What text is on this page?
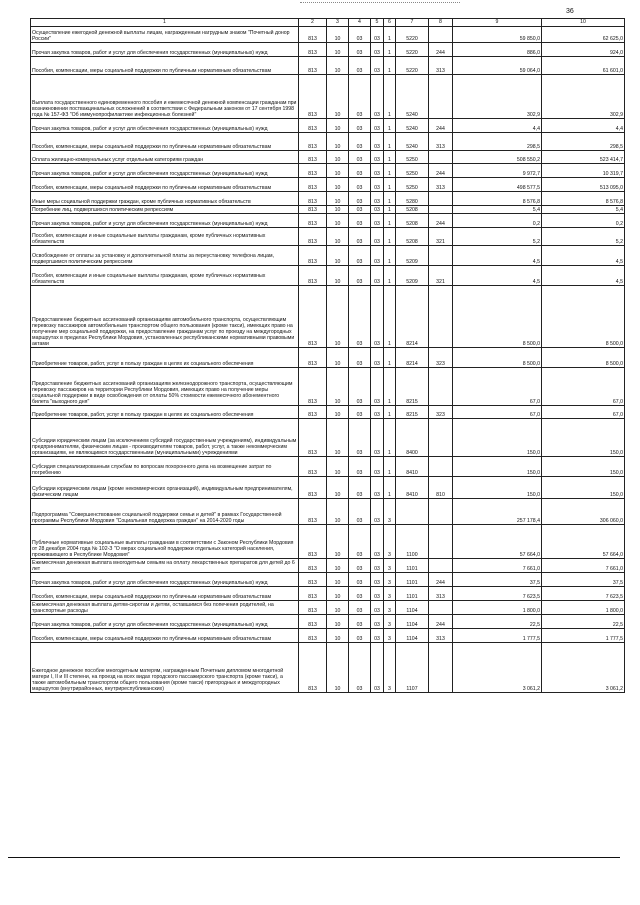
36
1	2	3	4	5	6	7	8	9	10
Осуществление ежегодной денежной выплаты лицам, награжденным нагрудным знаком "Почетный донор России"	813	10	03	03	1	5220		59 850,0	62 625,0
Прочая закупка товаров, работ и услуг для обеспечения государственных (муниципальных) нужд	813	10	03	03	1	5220	244	886,0	924,0
Пособия, компенсации, меры социальной поддержки по публичным нормативным обязательствам	813	10	03	03	1	5220	313	59 064,0	61 601,0
Выплата государственного единовременного пособия и ежемесячной денежной компенсации гражданам при возникновении поствакцинальных осложнений в соответствии с Федеральным законом от 17 сентября 1998 года № 157-ФЗ "Об иммунопрофилактике инфекционных болезней"	813	10	03	03	1	5240		302,9	302,9
Прочая закупка товаров, работ и услуг для обеспечения государственных (муниципальных) нужд	813	10	03	03	1	5240	244	4,4	4,4
Пособия, компенсации, меры социальной поддержки по публичным нормативным обязательствам	813	10	03	03	1	5240	313	298,5	298,5
Оплата жилищно-коммунальных услуг отдельным категориям граждан	813	10	03	03	1	5250		508 550,2	523 414,7
Прочая закупка товаров, работ и услуг для обеспечения государственных (муниципальных) нужд	813	10	03	03	1	5250	244	9 972,7	10 319,7
Пособия, компенсации, меры социальной поддержки по публичным нормативным обязательствам	813	10	03	03	1	5250	313	498 577,5	513 095,0
Иные меры социальной поддержки граждан, кроме публичных нормативных обязательств	813	10	03	03	1	5280		8 576,8	8 576,8
Погребение лиц, подвергшихся политическим репрессиям	813	10	03	03	1	5208		5,4	5,4
Прочая закупка товаров, работ и услуг для обеспечения государственных (муниципальных) нужд	813	10	03	03	1	5208	244	0,2	0,2
Пособия, компенсации и иные социальные выплаты гражданам, кроме публичных нормативных обязательств	813	10	03	03	1	5208	321	5,2	5,2
Освобождение от оплаты за установку и дополнительной платы за переустановку телефона лицам, подвергшимся политическим репрессиям	813	10	03	03	1	5209		4,5	4,5
Пособия, компенсации и иные социальные выплаты гражданам, кроме публичных нормативных обязательств	813	10	03	03	1	5209	321	4,5	4,5
Предоставление бюджетных ассигнований организациям автомобильного транспорта, осуществляющим перевозку пассажиров автомобильным транспортом общего пользования (кроме такси), имеющих право на получение мер социальной поддержки, на предоставление гражданам услуг по проезду на междугородных маршрутах в пределах Республики Мордовия, установленных республиканскими нормативными правовыми актами	813	10	03	03	1	8214		8 500,0	8 500,0
Приобретение товаров, работ, услуг в пользу граждан в целях их социального обеспечения	813	10	03	03	1	8214	323	8 500,0	8 500,0
Предоставление бюджетных ассигнований организациям железнодорожного транспорта, осуществляющим перевозку пассажиров на территории Республики Мордовия, имеющих право на получение меры социальной поддержки в виде освобождения от оплаты 50% стоимости ежемесячного абонементного билета "выходного дня"	813	10	03	03	1	8215		67,0	67,0
Приобретение товаров, работ, услуг в пользу граждан в целях их социального обеспечения	813	10	03	03	1	8215	323	67,0	67,0
Субсидии юридическим лицам (за исключением субсидий государственным учреждениям), индивидуальным предпринимателям, физическим лицам - производителям товаров, работ, услуг, а также некоммерческим организациям, не являющимся государственными (муниципальными) учреждениями	813	10	03	03	1	8400		150,0	150,0
Субсидия специализированным службам по вопросам похоронного дела на возмещение затрат по погребению	813	10	03	03	1	8410		150,0	150,0
Субсидии юридическим лицам (кроме некоммерческих организаций), индивидуальным предпринимателям, физическим лицам	813	10	03	03	1	8410	810	150,0	150,0
Подпрограмма "Совершенствование социальной поддержки семьи и детей" в рамках Государственной программы Республики Мордовия "Социальная поддержка граждан" на 2014-2020 годы	813	10	03	03	3			257 178,4	306 060,0
Публичные нормативные социальные выплаты гражданам в соответствии с Законом Республики Мордовия от 28 декабря 2004 года № 102-З "О мерах социальной поддержки отдельных категорий населения, проживающего в Республике Мордовия"	813	10	03	03	3	1100		57 664,0	57 664,0
Ежемесячная денежная выплата многодетным семьям на оплату лекарственных препаратов для детей до 6 лет	813	10	03	03	3	1101		7 661,0	7 661,0
Прочая закупка товаров, работ и услуг для обеспечения государственных (муниципальных) нужд	813	10	03	03	3	1101	244	37,5	37,5
Пособия, компенсации, меры социальной поддержки по публичным нормативным обязательствам	813	10	03	03	3	1101	313	7 623,5	7 623,5
Ежемесячная денежная выплата детям-сиротам и детям, оставшимся без попечения родителей, на транспортные расходы	813	10	03	03	3	1104		1 800,0	1 800,0
Прочая закупка товаров, работ и услуг для обеспечения государственных (муниципальных) нужд	813	10	03	03	3	1104	244	22,5	22,5
Пособия, компенсации, меры социальной поддержки по публичным нормативным обязательствам	813	10	03	03	3	1104	313	1 777,5	1 777,5
Ежегодное денежное пособие многодетным матерям, награжденным Почетным дипломом многодетной матери I, II и III степени, на проезд на всех видах городского пассажирского транспорта (кроме такси), а также автомобильным транспортом общего пользования (кроме такси) пригородных и междугородных маршрутов (внутрирайонных, внутриреспубликанских)	813	10	03	03	3	1107		3 061,2	3 061,2
